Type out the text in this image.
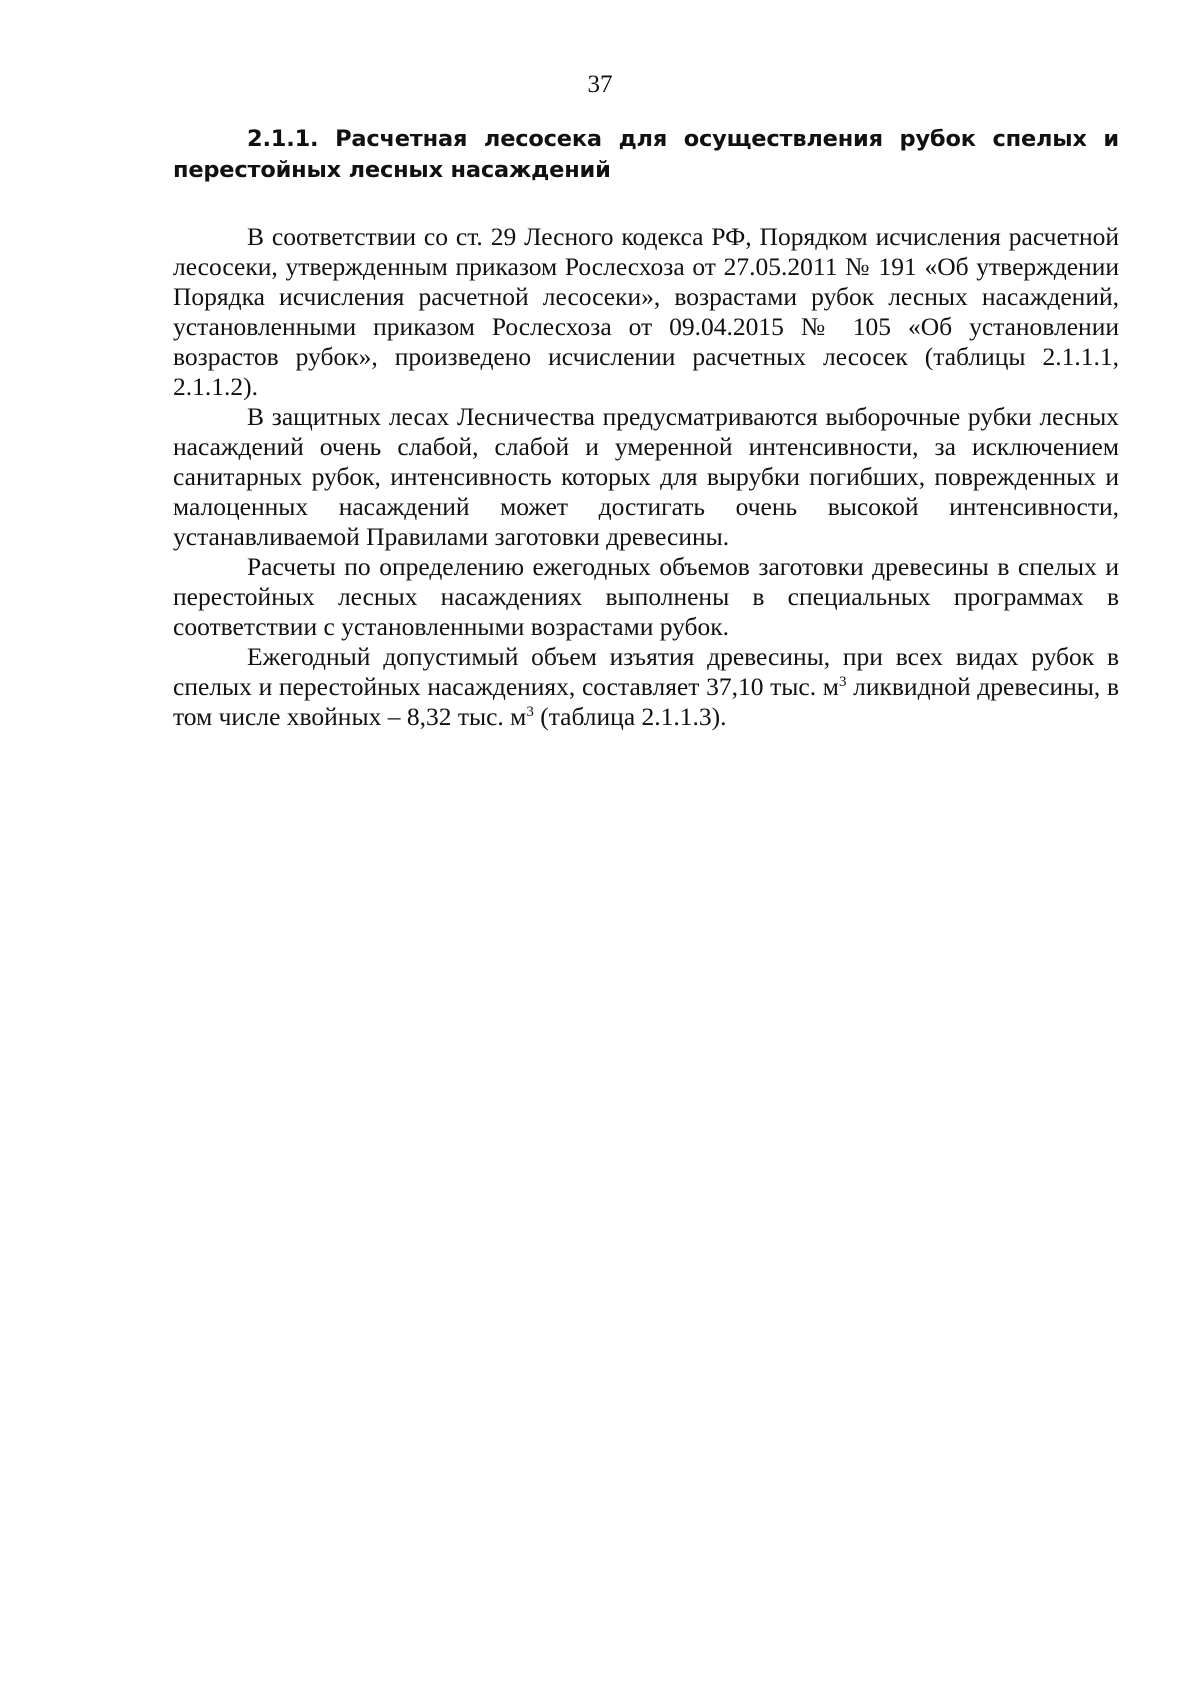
37

2.1.1. Расчетная лесосека для осуществления рубок спелых и перестойных лесных насаждений

В соответствии со ст. 29 Лесного кодекса РФ, Порядком исчисления расчетной лесосеки, утвержденным приказом Рослесхоза от 27.05.2011 № 191 «Об утверждении Порядка исчисления расчетной лесосеки», возрастами рубок лесных насаждений, установленными приказом Рослесхоза от 09.04.2015 № 105 «Об установлении возрастов рубок», произведено исчислении расчетных лесосек (таблицы 2.1.1.1, 2.1.1.2).

В защитных лесах Лесничества предусматриваются выборочные рубки лесных насаждений очень слабой, слабой и умеренной интенсивности, за исключением санитарных рубок, интенсивность которых для вырубки погибших, поврежденных и малоценных насаждений может достигать очень высокой интенсивности, устанавливаемой Правилами заготовки древесины.

Расчеты по определению ежегодных объемов заготовки древесины в спелых и перестойных лесных насаждениях выполнены в специальных программах в соответствии с установленными возрастами рубок.

Ежегодный допустимый объем изъятия древесины, при всех видах рубок в спелых и перестойных насаждениях, составляет 37,10 тыс. $м^3$ ликвидной древесины, в том числе хвойных – 8,32 тыс. $м^3$ (таблица 2.1.1.3).
